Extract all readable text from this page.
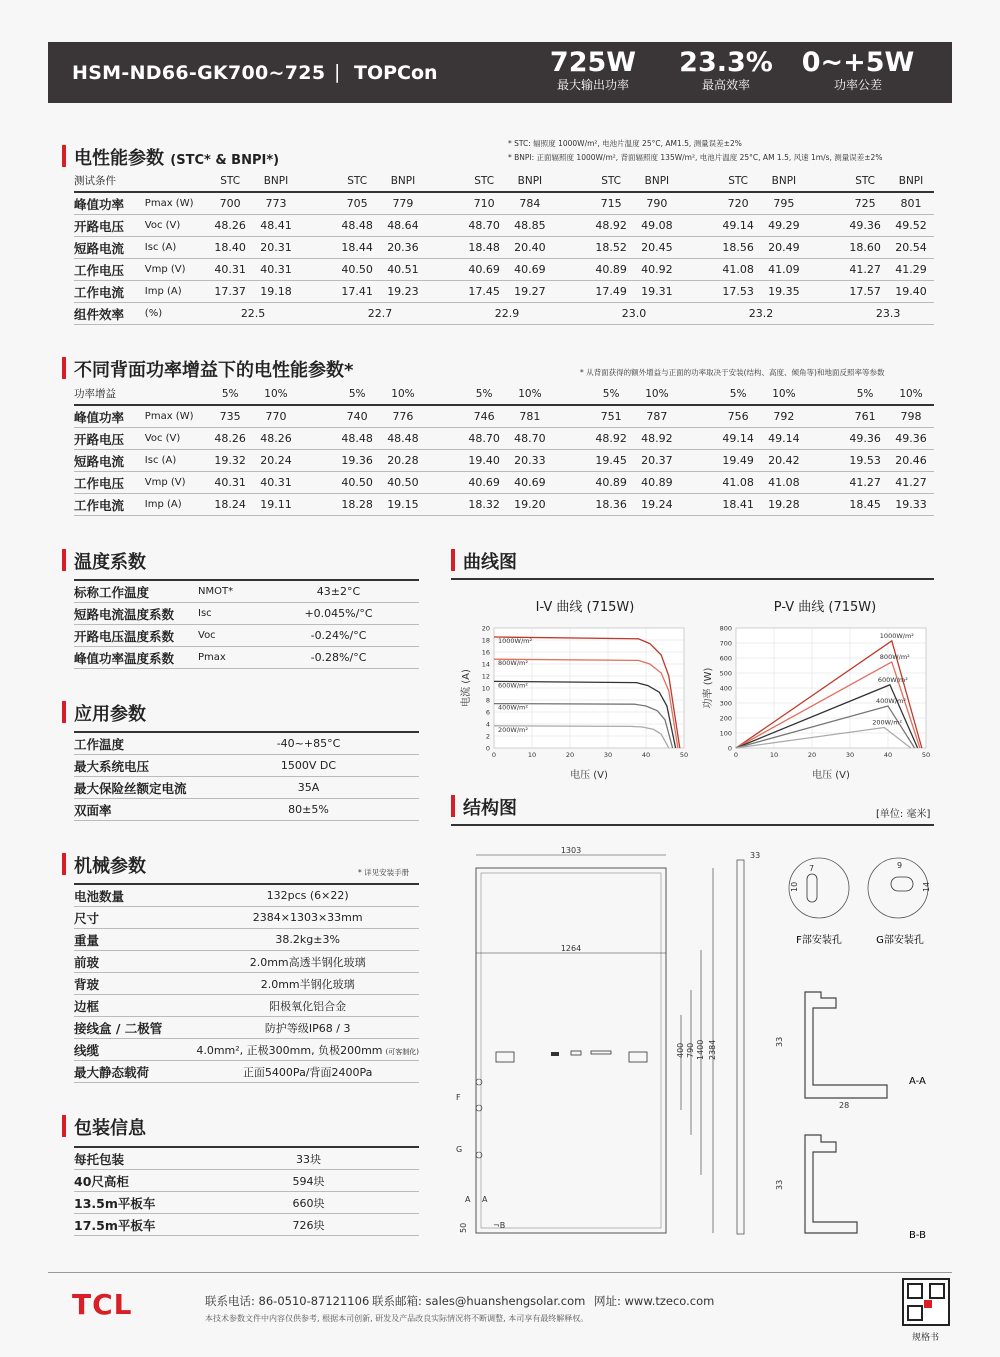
HSM-ND66-GK700~725 | TOPCon	725W
最大输出功率
23.3%
最高效率
0~+5W
功率公差
电性能参数 (STC* & BNPI*)
* STC: 辐照度 1000W/m², 电池片温度 25°C, AM1.5, 测量误差±2%
* BNPI: 正面辐照度 1000W/m², 背面辐照度 135W/m², 电池片温度 25°C, AM 1.5, 风速 1m/s, 测量误差±2%
测试条件		STC	BNPI		STC	BNPI		STC	BNPI		STC	BNPI		STC	BNPI		STC	BNPI
峰值功率	Pmax (W)	700	773		705	779		710	784		715	790		720	795		725	801
开路电压	Voc (V)	48.26	48.41		48.48	48.64		48.70	48.85		48.92	49.08		49.14	49.29		49.36	49.52
短路电流	Isc (A)	18.40	20.31		18.44	20.36		18.48	20.40		18.52	20.45		18.56	20.49		18.60	20.54
工作电压	Vmp (V)	40.31	40.31		40.50	40.51		40.69	40.69		40.89	40.92		41.08	41.09		41.27	41.29
工作电流	Imp (A)	17.37	19.18		17.41	19.23		17.45	19.27		17.49	19.31		17.53	19.35		17.57	19.40
组件效率	(%)	22.5			22.7			22.9			23.0			23.2			23.3	
不同背面功率增益下的电性能参数*	* 从背面获得的额外增益与正面的功率取决于安装(结构、高度、倾角等)和地面反照率等参数
功率增益		5%	10%		5%	10%		5%	10%		5%	10%		5%	10%		5%	10%
峰值功率	Pmax (W)	735	770		740	776		746	781		751	787		756	792		761	798
开路电压	Voc (V)	48.26	48.26		48.48	48.48		48.70	48.70		48.92	48.92		49.14	49.14		49.36	49.36
短路电流	Isc (A)	19.32	20.24		19.36	20.28		19.40	20.33		19.45	20.37		19.49	20.42		19.53	20.46
工作电压	Vmp (V)	40.31	40.31		40.50	40.50		40.69	40.69		40.89	40.89		41.08	41.08		41.27	41.27
工作电流	Imp (A)	18.24	19.11		18.28	19.15		18.32	19.20		18.36	19.24		18.41	19.28		18.45	19.33
温度系数
标称工作温度	NMOT*	43±2°C
短路电流温度系数	Isc	+0.045%/°C
开路电压温度系数	Voc	-0.24%/°C
峰值功率温度系数	Pmax	-0.28%/°C
应用参数
工作温度	-40~+85°C
最大系统电压	1500V DC
最大保险丝额定电流	35A
双面率	80±5%
机械参数	* 详见安装手册
电池数量	132pcs (6×22)
尺寸	2384×1303×33mm
重量	38.2kg±3%
前玻	2.0mm高透半钢化玻璃
背玻	2.0mm半钢化玻璃
边框	阳极氧化铝合金
接线盒 / 二极管	防护等级IP68 / 3
线缆	4.0mm², 正极300mm, 负极200mm (可客制化)
最大静态载荷	正面5400Pa/背面2400Pa
包装信息
每托包装	33块
40尺高柜	594块
13.5m平板车	660块
17.5m平板车	726块
曲线图
I-V 曲线 (715W)	P-V 曲线 (715W)
0
2
4
6
8
10
12
14
16
18
20
0	10	20	30	40	50
1000W/m²
800W/m²
600W/m²
400W/m²
200W/m²
电压 (V)
电流 (A)
0
100
200
300
400
500
600
700
800
0	10	20	30	40	50
1000W/m²
800W/m²
600W/m²
400W/m²
200W/m²
电压 (V)
功率 (W)
结构图	[单位: 毫米]
1303
1264
400 790 1400 2384
F
G
A A
¬B
50
33
10
7
F部安装孔
9
14
G部安装孔
33
28
A-A
33
B-B
TCL	联系电话: 86-0510-87121106 联系邮箱: sales@huanshengsolar.com 网址: www.tzeco.com
本技术参数文件中内容仅供参考, 根据本司创新, 研发及产品改良实际情况将不断调整, 本司享有最终解释权。
规格书
